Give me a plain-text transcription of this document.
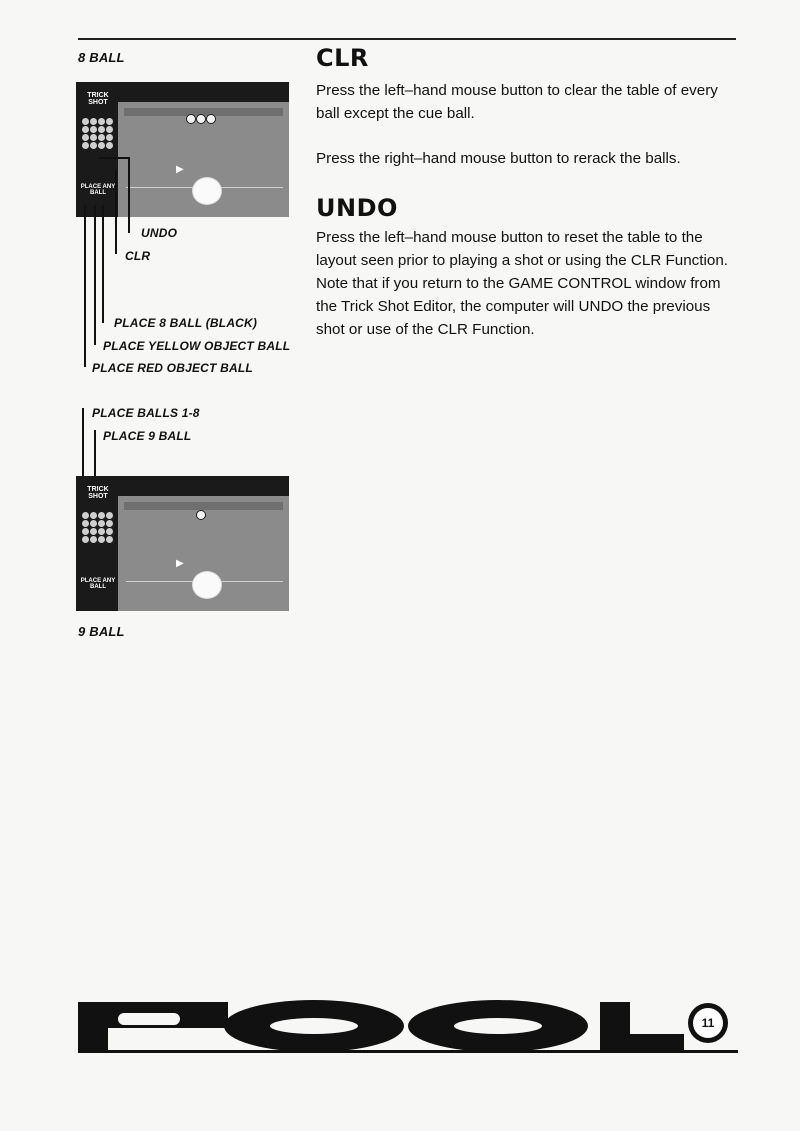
8 BALL
TRICK SHOT
PLACE ANY
BALL
▶
UNDO
CLR
PLACE 8 BALL (BLACK)
PLACE YELLOW OBJECT BALL
PLACE RED OBJECT BALL
PLACE BALLS 1-8
PLACE 9 BALL
TRICK SHOT
PLACE ANY
BALL
▶
9 BALL
CLR

Press the left–hand mouse button to clear the table of every ball except the cue ball.

Press the right–hand mouse button to rerack the balls.

UNDO

Press the left–hand mouse button to reset the table to the layout seen prior to playing a shot or using the CLR Function. Note that if you return to the GAME CONTROL window from the Trick Shot Editor, the computer will UNDO the previous shot or use of the CLR Function.

11
